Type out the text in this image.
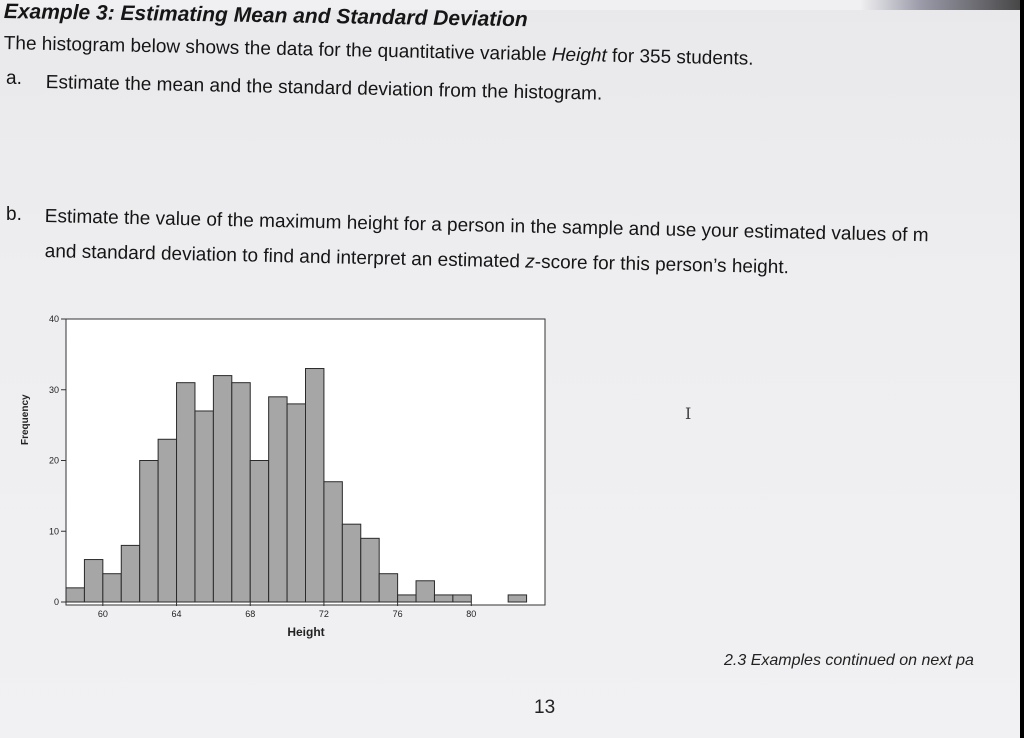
Example 3: Estimating Mean and Standard Deviation
The histogram below shows the data for the quantitative variable Height for 355 students.
a. Estimate the mean and the standard deviation from the histogram.
b. Estimate the value of the maximum height for a person in the sample and use your estimated values of m
and standard deviation to find and interpret an estimated z-score for this person’s height.
Frequency
0
10
20
30
40
60	64	68	72	76	80
Height
I
2.3 Examples continued on next pa
13
